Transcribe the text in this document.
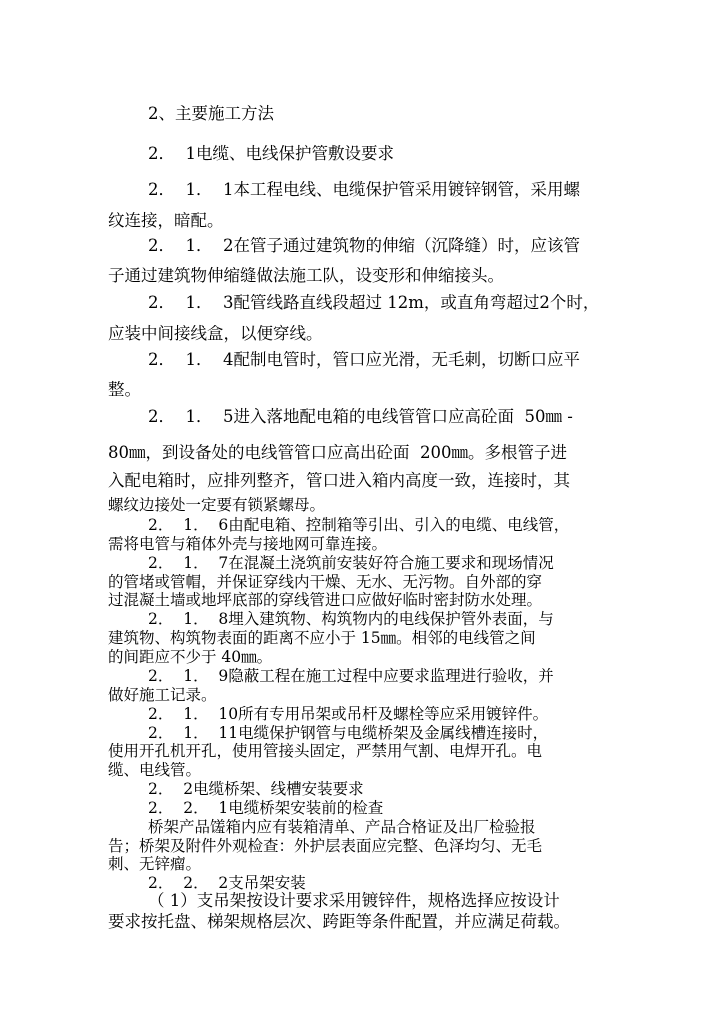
2、主要施工方法
2．  1电缆、电线保护管敷设要求
2．  1．  1本工程电线、电缆保护管采用镀锌钢管，采用螺
纹连接，暗配。
2．  1．  2在管子通过建筑物的伸缩（沉降缝）时，应该管
子通过建筑物伸缩缝做法施工队，设变形和伸缩接头。
2．  1．  3配管线路直线段超过 12m，或直角弯超过2个时，
应装中间接线盒，以便穿线。
2．  1．  4配制电管时，管口应光滑，无毛刺，切断口应平
整。
2．  1．  5进入落地配电箱的电线管管口应高砼面  50㎜ -
80㎜，到设备处的电线管管口应高出砼面  200㎜。多根管子进
入配电箱时，应排列整齐，管口进入箱内高度一致，连接时，其
螺纹边接处一定要有锁紧螺母。
2．  1．  6由配电箱、控制箱等引出、引入的电缆、电线管，
需将电管与箱体外壳与接地网可靠连接。
2．  1．  7在混凝土浇筑前安装好符合施工要求和现场情况
的管堵或管帽，并保证穿线内干燥、无水、无污物。自外部的穿
过混凝土墙或地坪底部的穿线管进口应做好临时密封防水处理。
2．  1．  8埋入建筑物、构筑物内的电线保护管外表面，与
建筑物、构筑物表面的距离不应小于 15㎜。相邻的电线管之间
的间距应不少于 40㎜。
2．  1．  9隐蔽工程在施工过程中应要求监理进行验收，并
做好施工记录。
2．  1．  10所有专用吊架或吊杆及螺栓等应采用镀锌件。
2．  1．  11电缆保护钢管与电缆桥架及金属线槽连接时，
使用开孔机开孔，使用管接头固定，严禁用气割、电焊开孔。电
缆、电线管。
2．  2电缆桥架、线槽安装要求
2．  2．  1电缆桥架安装前的检查
桥架产品馐箱内应有装箱清单、产品合格证及出厂检验报
告；桥架及附件外观检查：外护层表面应完整、色泽均匀、无毛
刺、无锌瘤。
2．  2．  2支吊架安装
（ 1）支吊架按设计要求采用镀锌件，规格选择应按设计
要求按托盘、梯架规格层次、跨距等条件配置，并应满足荷载。
